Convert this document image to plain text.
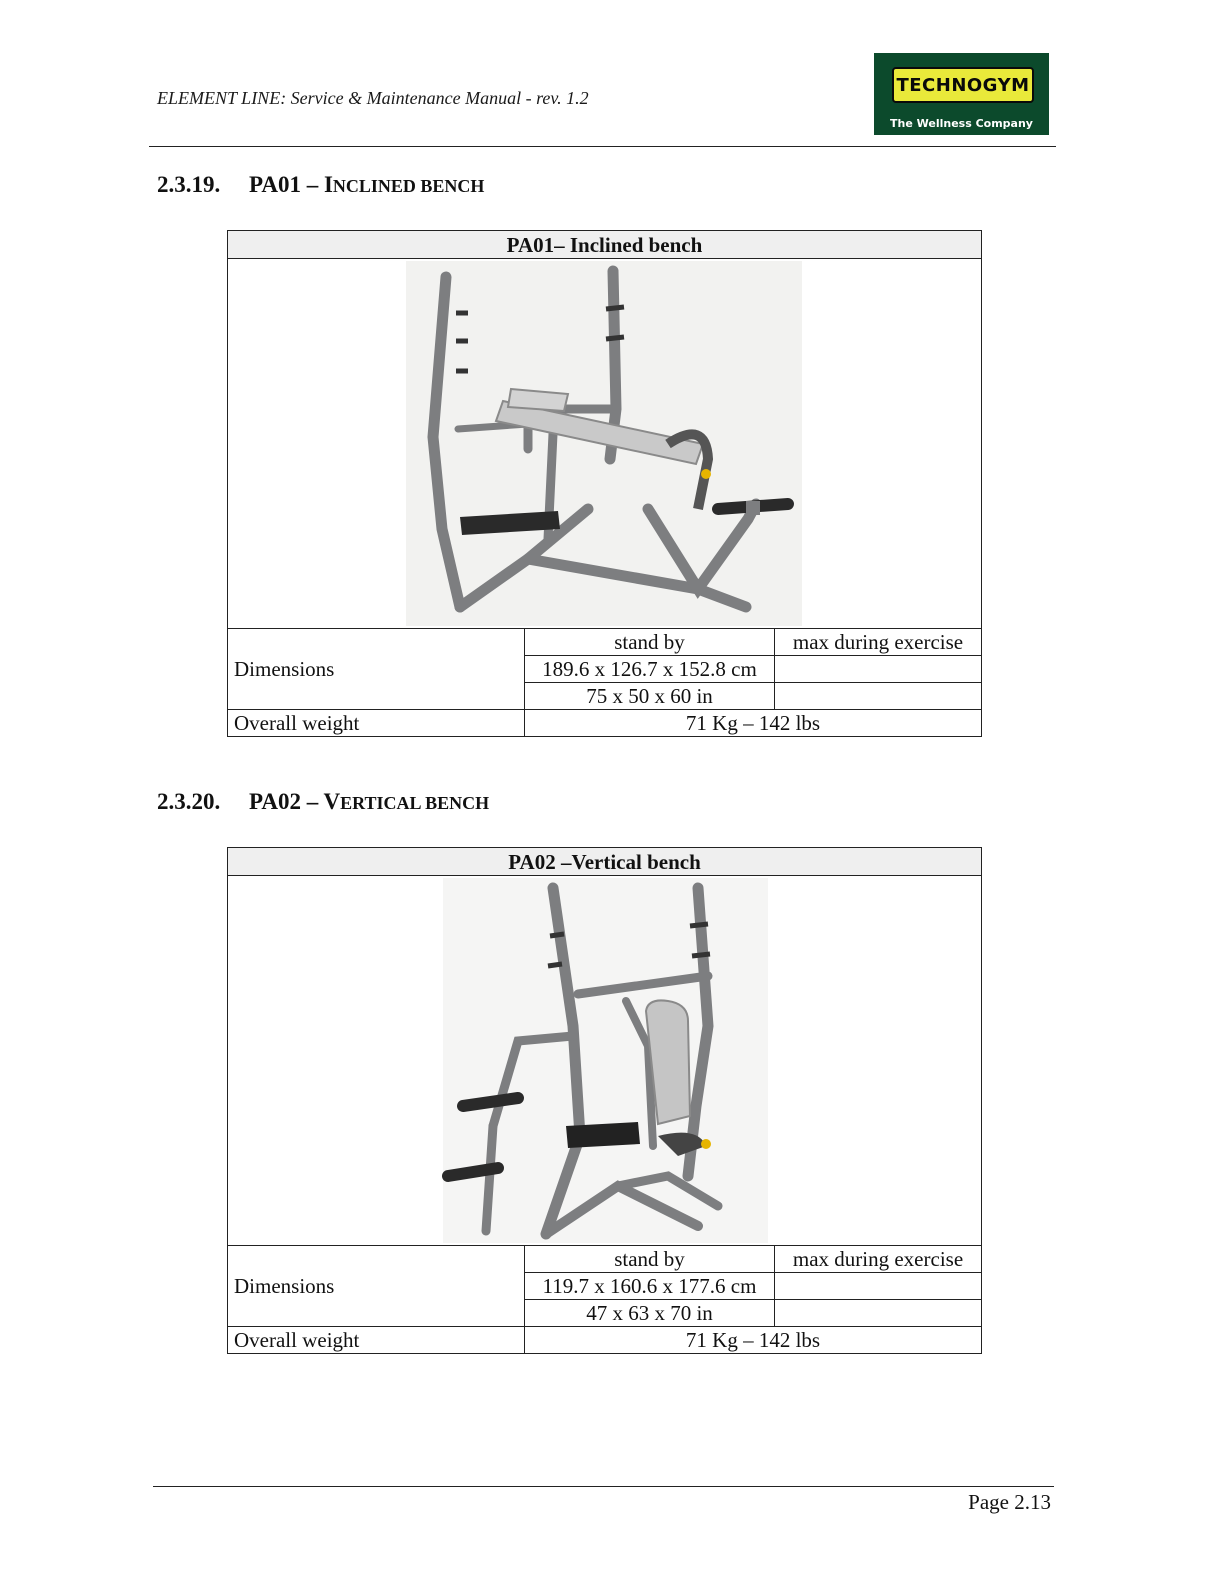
ELEMENT LINE: Service & Maintenance Manual - rev. 1.2
TECHNOGYM
The Wellness Company
2.3.19. PA01 – INCLINED BENCH
PA01– Inclined bench		

Dimensions	stand by	max during exercise
	189.6 x 126.7 x 152.8 cm	
	75 x 50 x 60 in	
Overall weight	71 Kg – 142 lbs	
2.3.20. PA02 – VERTICAL BENCH
PA02 –Vertical bench		

Dimensions	stand by	max during exercise
	119.7 x 160.6 x 177.6 cm	
	47 x 63 x 70 in	
Overall weight	71 Kg – 142 lbs	
Page 2.13
